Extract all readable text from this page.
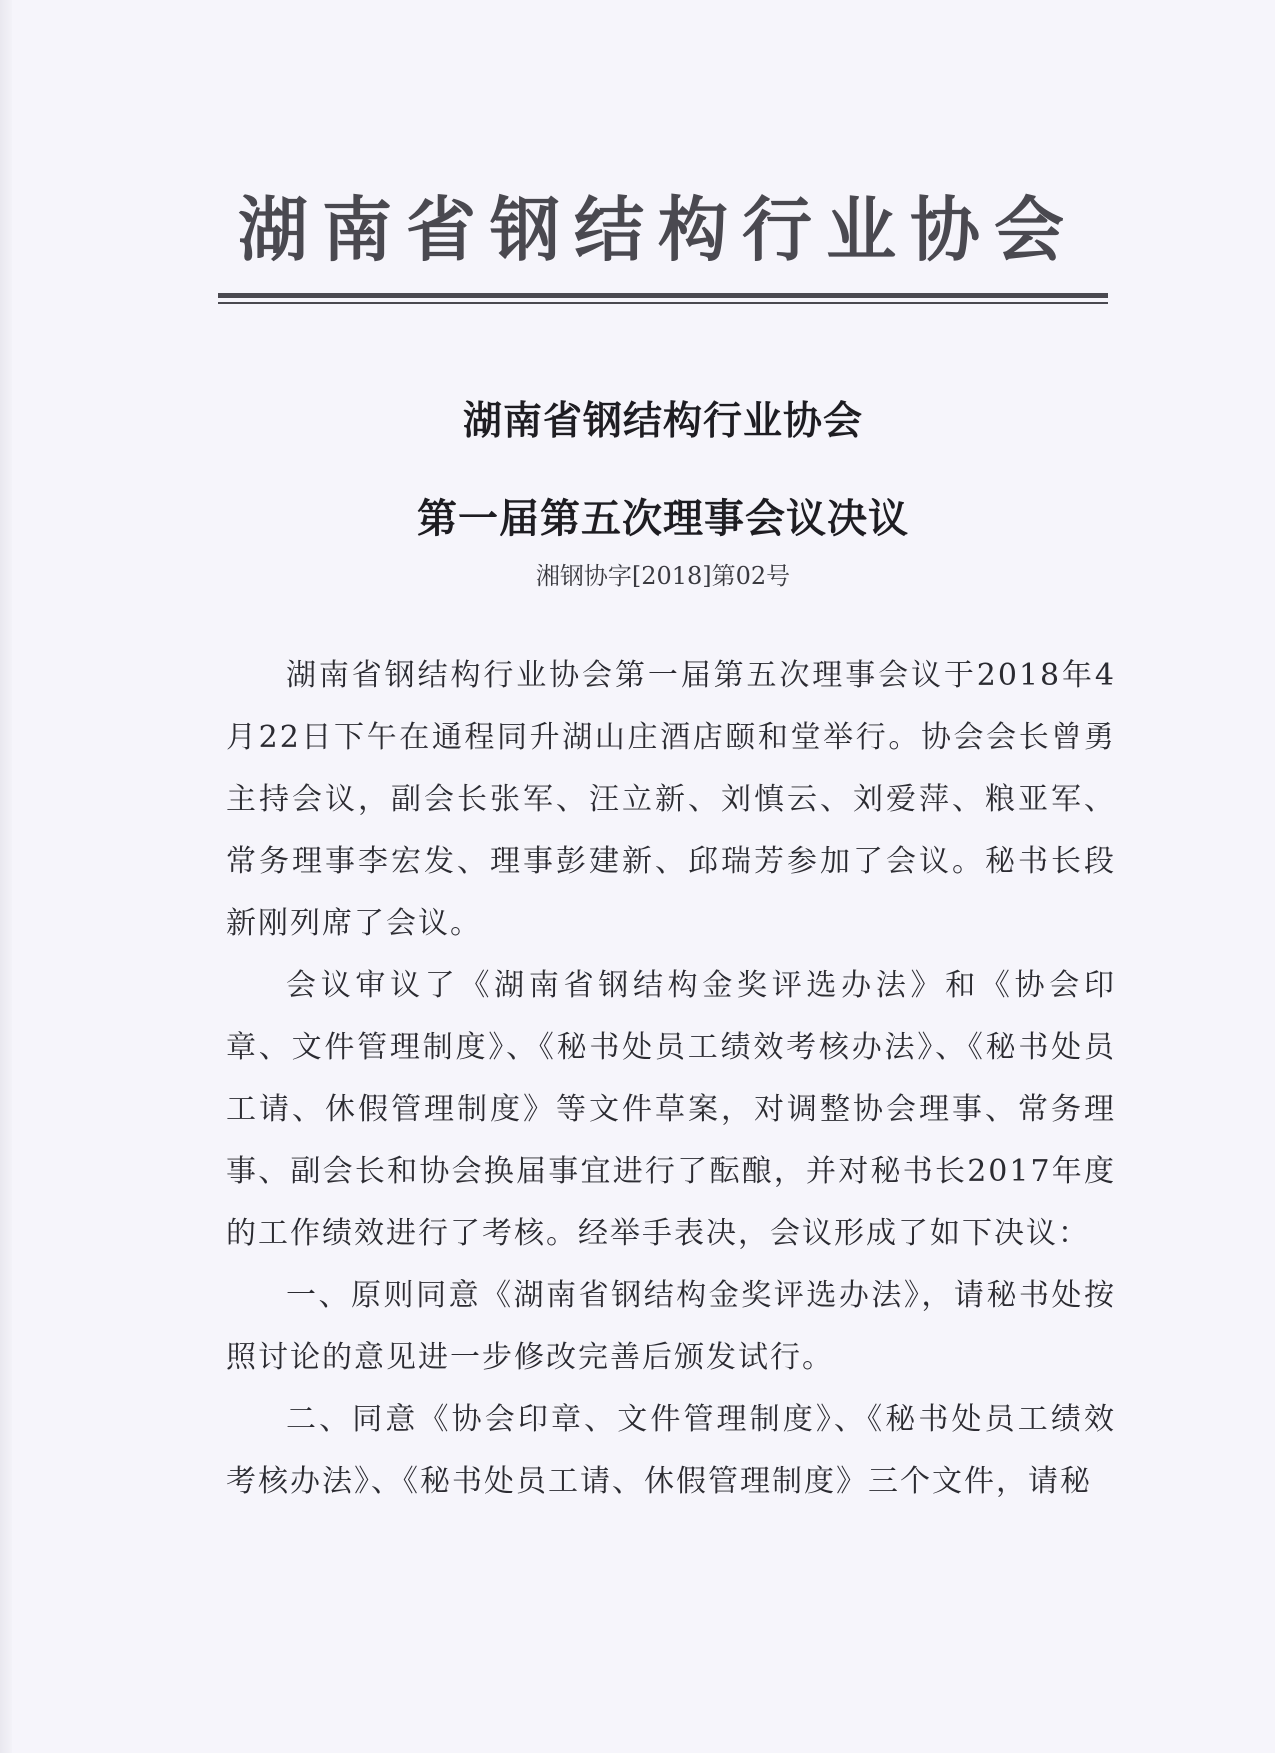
湖南省钢结构行业协会
湖南省钢结构行业协会
第一届第五次理事会议决议
湘钢协字[2018]第02号

湖南省钢结构行业协会第一届第五次理事会议于2018年4月22日下午在通程同升湖山庄酒店颐和堂举行。协会会长曾勇主持会议，副会长张军、汪立新、刘慎云、刘爱萍、粮亚军、常务理事李宏发、理事彭建新、邱瑞芳参加了会议。秘书长段新刚列席了会议。

会议审议了《湖南省钢结构金奖评选办法》和《协会印章、文件管理制度》、《秘书处员工绩效考核办法》、《秘书处员工请、休假管理制度》等文件草案，对调整协会理事、常务理事、副会长和协会换届事宜进行了酝酿，并对秘书长2017年度的工作绩效进行了考核。经举手表决，会议形成了如下决议：

一、原则同意《湖南省钢结构金奖评选办法》，请秘书处按照讨论的意见进一步修改完善后颁发试行。

二、同意《协会印章、文件管理制度》、《秘书处员工绩效考核办法》、《秘书处员工请、休假管理制度》三个文件，请秘
